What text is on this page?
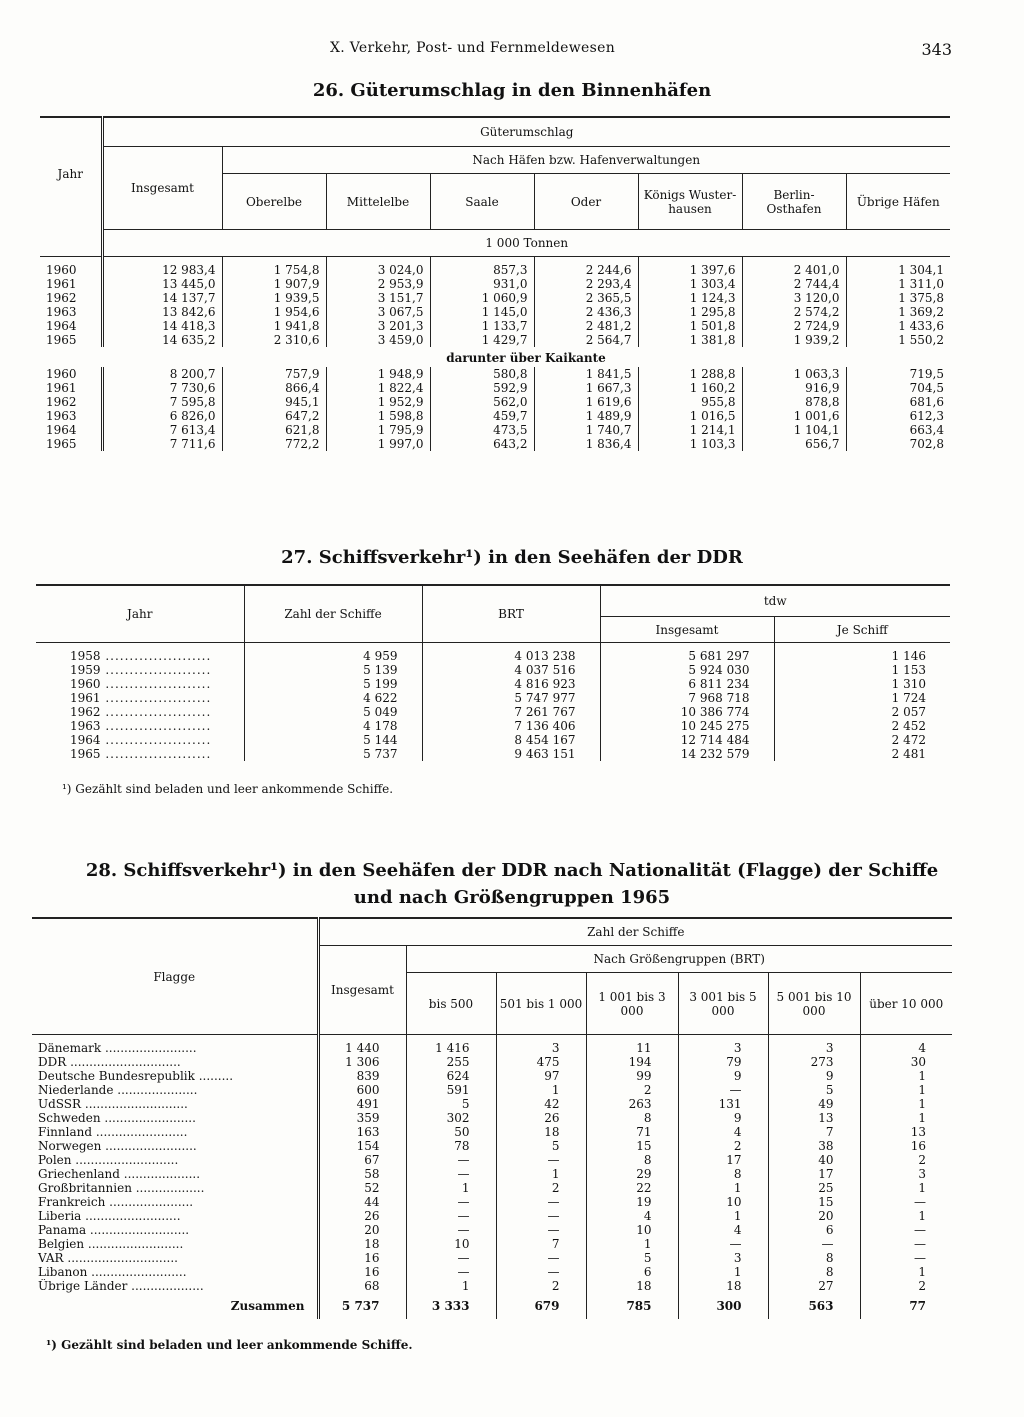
X. Verkehr, Post- und Fernmeldewesen	343
26. Güterumschlag in den Binnenhäfen
Jahr	Güterumschlag							
	Insgesamt	Nach Häfen bzw. Hafenverwaltungen						
		Oberelbe	Mittelelbe	Saale	Oder	Königs Wuster- hausen	Berlin- Osthafen	Übrige Häfen
	1 000 Tonnen							

1960	12 983,4	1 754,8	3 024,0	857,3	2 244,6	1 397,6	2 401,0	1 304,1
1961	13 445,0	1 907,9	2 953,9	931,0	2 293,4	1 303,4	2 744,4	1 311,0
1962	14 137,7	1 939,5	3 151,7	1 060,9	2 365,5	1 124,3	3 120,0	1 375,8
1963	13 842,6	1 954,6	3 067,5	1 145,0	2 436,3	1 295,8	2 574,2	1 369,2
1964	14 418,3	1 941,8	3 201,3	1 133,7	2 481,2	1 501,8	2 724,9	1 433,6
1965	14 635,2	2 310,6	3 459,0	1 429,7	2 564,7	1 381,8	1 939,2	1 550,2
	darunter über Kaikante							
1960	8 200,7	757,9	1 948,9	580,8	1 841,5	1 288,8	1 063,3	719,5
1961	7 730,6	866,4	1 822,4	592,9	1 667,3	1 160,2	916,9	704,5
1962	7 595,8	945,1	1 952,9	562,0	1 619,6	955,8	878,8	681,6
1963	6 826,0	647,2	1 598,8	459,7	1 489,9	1 016,5	1 001,6	612,3
1964	7 613,4	621,8	1 795,9	473,5	1 740,7	1 214,1	1 104,1	663,4
1965	7 711,6	772,2	1 997,0	643,2	1 836,4	1 103,3	656,7	702,8
27. Schiffsverkehr¹) in den Seehäfen der DDR
Jahr	Zahl der Schiffe	BRT	tdw	
			Insgesamt	Je Schiff

1958 ......................	4 959	4 013 238	5 681 297	1 146
1959 ......................	5 139	4 037 516	5 924 030	1 153
1960 ......................	5 199	4 816 923	6 811 234	1 310
1961 ......................	4 622	5 747 977	7 968 718	1 724
1962 ......................	5 049	7 261 767	10 386 774	2 057
1963 ......................	4 178	7 136 406	10 245 275	2 452
1964 ......................	5 144	8 454 167	12 714 484	2 472
1965 ......................	5 737	9 463 151	14 232 579	2 481
¹) Gezählt sind beladen und leer ankommende Schiffe.
28. Schiffsverkehr¹) in den Seehäfen der DDR nach Nationalität (Flagge) der Schiffe
und nach Größengruppen 1965
Flagge	Zahl der Schiffe						
	Insgesamt	Nach Größengruppen (BRT)					
		bis 500	501 bis 1 000	1 001 bis 3 000	3 001 bis 5 000	5 001 bis 10 000	über 10 000

Dänemark ........................	1 440	1 416	3	11	3	3	4
DDR .............................	1 306	255	475	194	79	273	30
Deutsche Bundesrepublik .........	839	624	97	99	9	9	1
Niederlande .....................	600	591	1	2	—	5	1
UdSSR ...........................	491	5	42	263	131	49	1
Schweden ........................	359	302	26	8	9	13	1
Finnland ........................	163	50	18	71	4	7	13
Norwegen ........................	154	78	5	15	2	38	16
Polen ...........................	67	—	—	8	17	40	2
Griechenland ....................	58	—	1	29	8	17	3
Großbritannien ..................	52	1	2	22	1	25	1
Frankreich ......................	44	—	—	19	10	15	—
Liberia .........................	26	—	—	4	1	20	1
Panama ..........................	20	—	—	10	4	6	—
Belgien .........................	18	10	7	1	—	—	—
VAR .............................	16	—	—	5	3	8	—
Libanon .........................	16	—	—	6	1	8	1
Übrige Länder ...................	68	1	2	18	18	27	2
Zusammen	5 737	3 333	679	785	300	563	77
¹) Gezählt sind beladen und leer ankommende Schiffe.
